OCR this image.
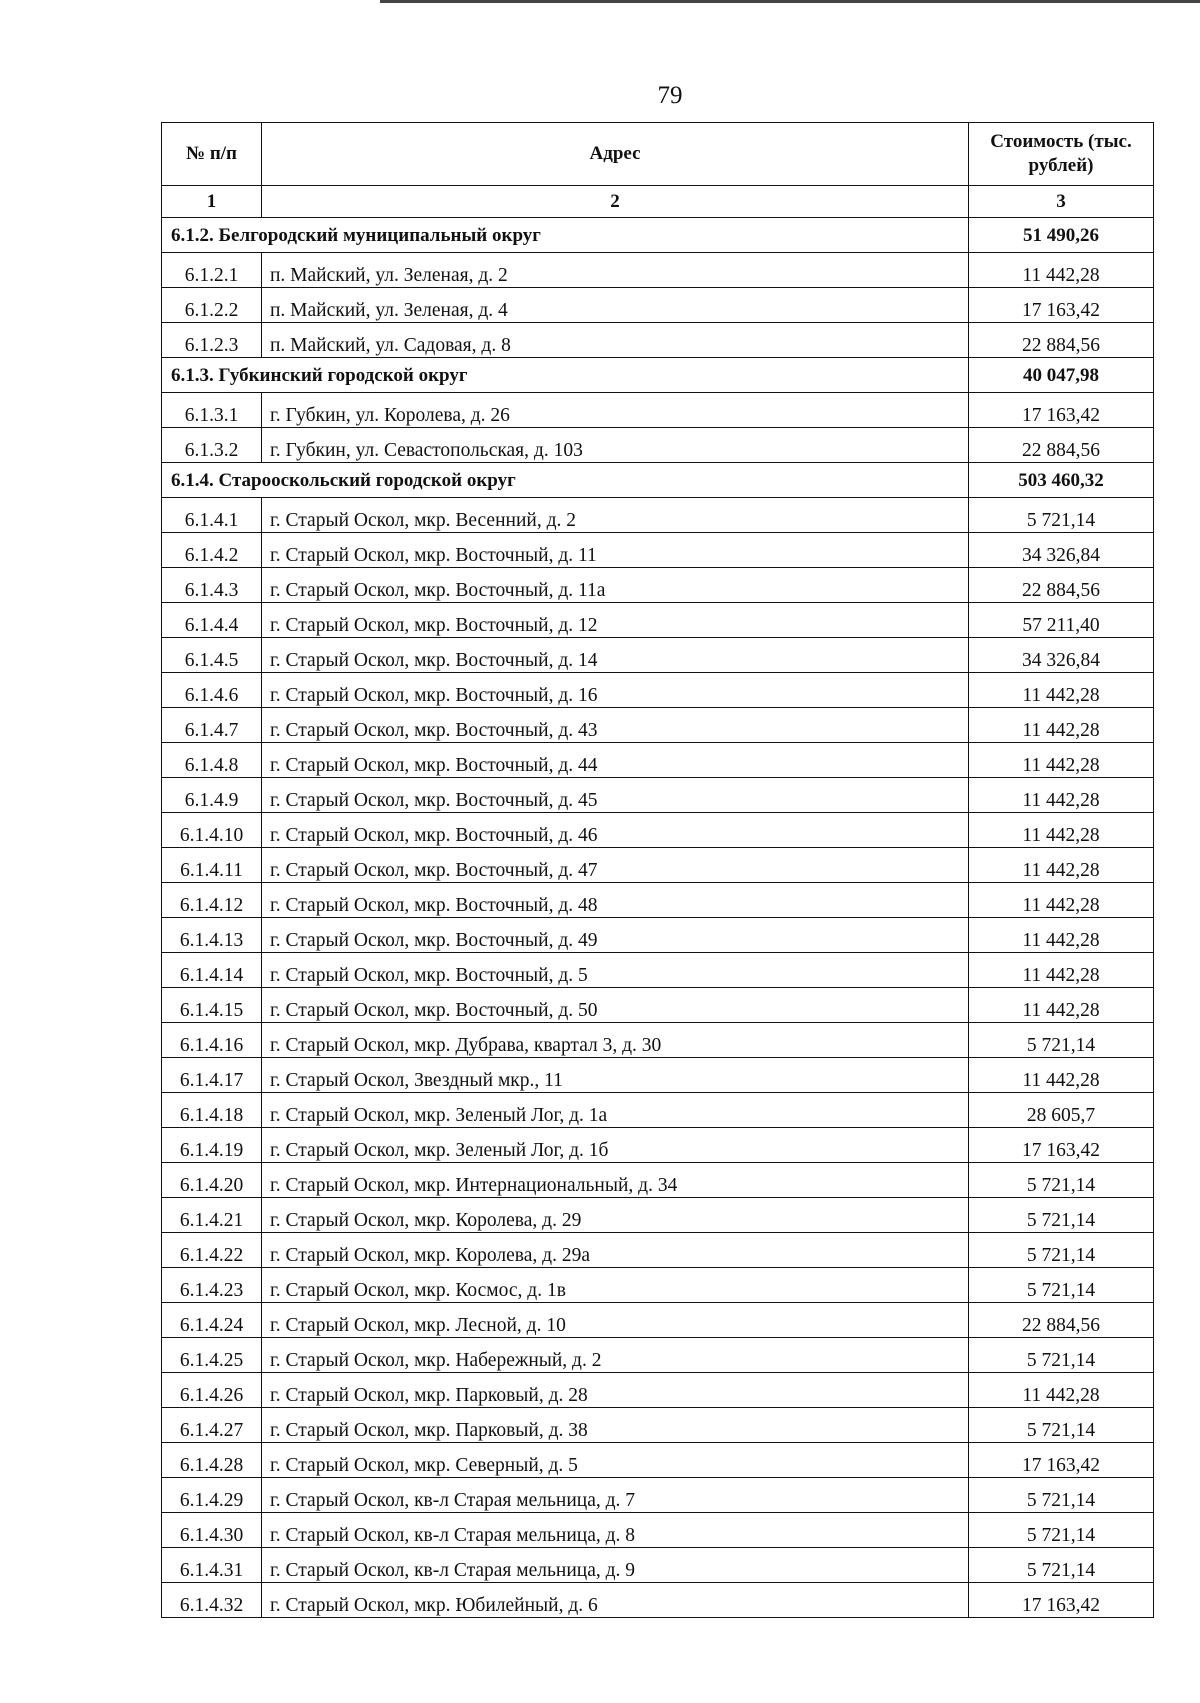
79
№ п/п	Адрес	Стоимость (тыс. рублей)
1	2	3
6.1.2. Белгородский муниципальный округ		51 490,26
6.1.2.1	п. Майский, ул. Зеленая, д. 2	11 442,28
6.1.2.2	п. Майский, ул. Зеленая, д. 4	17 163,42
6.1.2.3	п. Майский, ул. Садовая, д. 8	22 884,56
6.1.3. Губкинский городской округ		40 047,98
6.1.3.1	г. Губкин, ул. Королева, д. 26	17 163,42
6.1.3.2	г. Губкин, ул. Севастопольская, д. 103	22 884,56
6.1.4. Старооскольский городской округ		503 460,32
6.1.4.1	г. Старый Оскол, мкр. Весенний, д. 2	5 721,14
6.1.4.2	г. Старый Оскол, мкр. Восточный, д. 11	34 326,84
6.1.4.3	г. Старый Оскол, мкр. Восточный, д. 11а	22 884,56
6.1.4.4	г. Старый Оскол, мкр. Восточный, д. 12	57 211,40
6.1.4.5	г. Старый Оскол, мкр. Восточный, д. 14	34 326,84
6.1.4.6	г. Старый Оскол, мкр. Восточный, д. 16	11 442,28
6.1.4.7	г. Старый Оскол, мкр. Восточный, д. 43	11 442,28
6.1.4.8	г. Старый Оскол, мкр. Восточный, д. 44	11 442,28
6.1.4.9	г. Старый Оскол, мкр. Восточный, д. 45	11 442,28
6.1.4.10	г. Старый Оскол, мкр. Восточный, д. 46	11 442,28
6.1.4.11	г. Старый Оскол, мкр. Восточный, д. 47	11 442,28
6.1.4.12	г. Старый Оскол, мкр. Восточный, д. 48	11 442,28
6.1.4.13	г. Старый Оскол, мкр. Восточный, д. 49	11 442,28
6.1.4.14	г. Старый Оскол, мкр. Восточный, д. 5	11 442,28
6.1.4.15	г. Старый Оскол, мкр. Восточный, д. 50	11 442,28
6.1.4.16	г. Старый Оскол, мкр. Дубрава, квартал 3, д. 30	5 721,14
6.1.4.17	г. Старый Оскол, Звездный мкр., 11	11 442,28
6.1.4.18	г. Старый Оскол, мкр. Зеленый Лог, д. 1а	28 605,7
6.1.4.19	г. Старый Оскол, мкр. Зеленый Лог, д. 1б	17 163,42
6.1.4.20	г. Старый Оскол, мкр. Интернациональный, д. 34	5 721,14
6.1.4.21	г. Старый Оскол, мкр. Королева, д. 29	5 721,14
6.1.4.22	г. Старый Оскол, мкр. Королева, д. 29а	5 721,14
6.1.4.23	г. Старый Оскол, мкр. Космос, д. 1в	5 721,14
6.1.4.24	г. Старый Оскол, мкр. Лесной, д. 10	22 884,56
6.1.4.25	г. Старый Оскол, мкр. Набережный, д. 2	5 721,14
6.1.4.26	г. Старый Оскол, мкр. Парковый, д. 28	11 442,28
6.1.4.27	г. Старый Оскол, мкр. Парковый, д. 38	5 721,14
6.1.4.28	г. Старый Оскол, мкр. Северный, д. 5	17 163,42
6.1.4.29	г. Старый Оскол, кв-л Старая мельница, д. 7	5 721,14
6.1.4.30	г. Старый Оскол, кв-л Старая мельница, д. 8	5 721,14
6.1.4.31	г. Старый Оскол, кв-л Старая мельница, д. 9	5 721,14
6.1.4.32	г. Старый Оскол, мкр. Юбилейный, д. 6	17 163,42
